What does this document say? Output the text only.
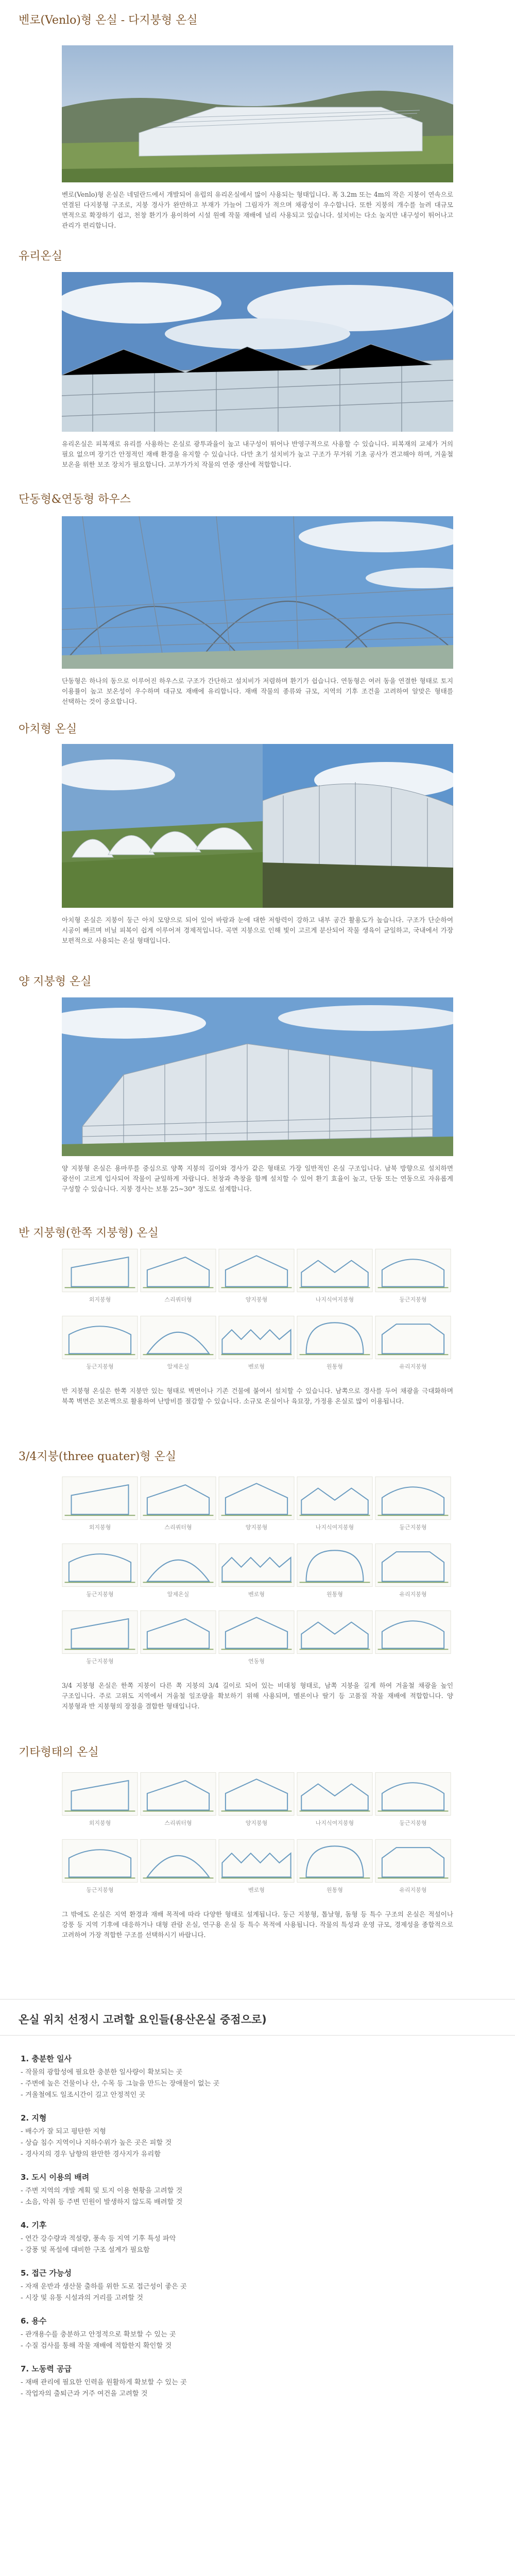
벤로(Venlo)형 온실 - 다지붕형 온실

벤로(Venlo)형 온실은 네덜란드에서 개발되어 유럽의 유리온실에서 많이 사용되는 형태입니다. 폭 3.2m 또는 4m의 작은 지붕이 연속으로 연결된 다지붕형 구조로, 지붕 경사가 완만하고 부재가 가늘어 그림자가 적으며 채광성이 우수합니다. 또한 지붕의 개수를 늘려 대규모 면적으로 확장하기 쉽고, 천창 환기가 용이하여 시설 원예 작물 재배에 널리 사용되고 있습니다. 설치비는 다소 높지만 내구성이 뛰어나고 관리가 편리합니다.

유리온실

유리온실은 피복재로 유리를 사용하는 온실로 광투과율이 높고 내구성이 뛰어나 반영구적으로 사용할 수 있습니다. 피복재의 교체가 거의 필요 없으며 장기간 안정적인 재배 환경을 유지할 수 있습니다. 다만 초기 설치비가 높고 구조가 무거워 기초 공사가 견고해야 하며, 겨울철 보온을 위한 보조 장치가 필요합니다. 고부가가치 작물의 연중 생산에 적합합니다.

단동형&연동형 하우스

단동형은 하나의 동으로 이루어진 하우스로 구조가 간단하고 설치비가 저렴하며 환기가 쉽습니다. 연동형은 여러 동을 연결한 형태로 토지 이용률이 높고 보온성이 우수하며 대규모 재배에 유리합니다. 재배 작물의 종류와 규모, 지역의 기후 조건을 고려하여 알맞은 형태를 선택하는 것이 중요합니다.

아치형 온실

아치형 온실은 지붕이 둥근 아치 모양으로 되어 있어 바람과 눈에 대한 저항력이 강하고 내부 공간 활용도가 높습니다. 구조가 단순하여 시공이 빠르며 비닐 피복이 쉽게 이루어져 경제적입니다. 곡면 지붕으로 인해 빛이 고르게 분산되어 작물 생육이 균일하고, 국내에서 가장 보편적으로 사용되는 온실 형태입니다.

양 지붕형 온실

양 지붕형 온실은 용마루를 중심으로 양쪽 지붕의 길이와 경사가 같은 형태로 가장 일반적인 온실 구조입니다. 남북 방향으로 설치하면 광선이 고르게 입사되어 작물이 균일하게 자랍니다. 천창과 측창을 함께 설치할 수 있어 환기 효율이 높고, 단동 또는 연동으로 자유롭게 구성할 수 있습니다. 지붕 경사는 보통 25~30° 정도로 설계합니다.

반 지붕형(한쪽 지붕형) 온실
외지붕형	스리쿼터형	양지붕형	나지식여지붕형	둥근지붕형
둥근지붕형	알제온실	벤로형	원통형	유리지붕형

반 지붕형 온실은 한쪽 지붕만 있는 형태로 벽면이나 기존 건물에 붙여서 설치할 수 있습니다. 남쪽으로 경사를 두어 채광을 극대화하며 북쪽 벽면은 보온벽으로 활용하여 난방비를 절감할 수 있습니다. 소규모 온실이나 육묘장, 가정용 온실로 많이 이용됩니다.

3/4지붕(three quater)형 온실
외지붕형	스리쿼터형	양지붕형	나지식여지붕형	둥근지붕형
둥근지붕형	알제온실	벤로형	원통형	유리지붕형
둥근지붕형	연동형

3/4 지붕형 온실은 한쪽 지붕이 다른 쪽 지붕의 3/4 길이로 되어 있는 비대칭 형태로, 남쪽 지붕을 길게 하여 겨울철 채광을 높인 구조입니다. 주로 고위도 지역에서 겨울철 일조량을 확보하기 위해 사용되며, 멜론이나 딸기 등 고품질 작물 재배에 적합합니다. 양 지붕형과 반 지붕형의 장점을 결합한 형태입니다.

기타형태의 온실
외지붕형	스리쿼터형	양지붕형	나지식여지붕형	둥근지붕형
둥근지붕형	벤로형	원통형	유리지붕형

그 밖에도 온실은 지역 환경과 재배 목적에 따라 다양한 형태로 설계됩니다. 둥근 지붕형, 톱날형, 돔형 등 특수 구조의 온실은 적설이나 강풍 등 지역 기후에 대응하거나 대형 관람 온실, 연구용 온실 등 특수 목적에 사용됩니다. 작물의 특성과 운영 규모, 경제성을 종합적으로 고려하여 가장 적합한 구조를 선택하시기 바랍니다.

온실 위치 선정시 고려할 요인들(용산온실 중점으로)

1. 충분한 일사

- 작물의 광합성에 필요한 충분한 일사량이 확보되는 곳

- 주변에 높은 건물이나 산, 수목 등 그늘을 만드는 장애물이 없는 곳

- 겨울철에도 일조시간이 길고 안정적인 곳

2. 지형

- 배수가 잘 되고 평탄한 지형

- 상습 침수 지역이나 지하수위가 높은 곳은 피할 것

- 경사지의 경우 남향의 완만한 경사지가 유리함

3. 도시 이용의 배려

- 주변 지역의 개발 계획 및 토지 이용 현황을 고려할 것

- 소음, 악취 등 주변 민원이 발생하지 않도록 배려할 것

4. 기후

- 연간 강수량과 적설량, 풍속 등 지역 기후 특성 파악

- 강풍 및 폭설에 대비한 구조 설계가 필요함

5. 접근 가능성

- 자재 운반과 생산물 출하를 위한 도로 접근성이 좋은 곳

- 시장 및 유통 시설과의 거리를 고려할 것

6. 용수

- 관개용수를 충분하고 안정적으로 확보할 수 있는 곳

- 수질 검사를 통해 작물 재배에 적합한지 확인할 것

7. 노동력 공급

- 재배 관리에 필요한 인력을 원활하게 확보할 수 있는 곳

- 작업자의 출퇴근과 거주 여건을 고려할 것
